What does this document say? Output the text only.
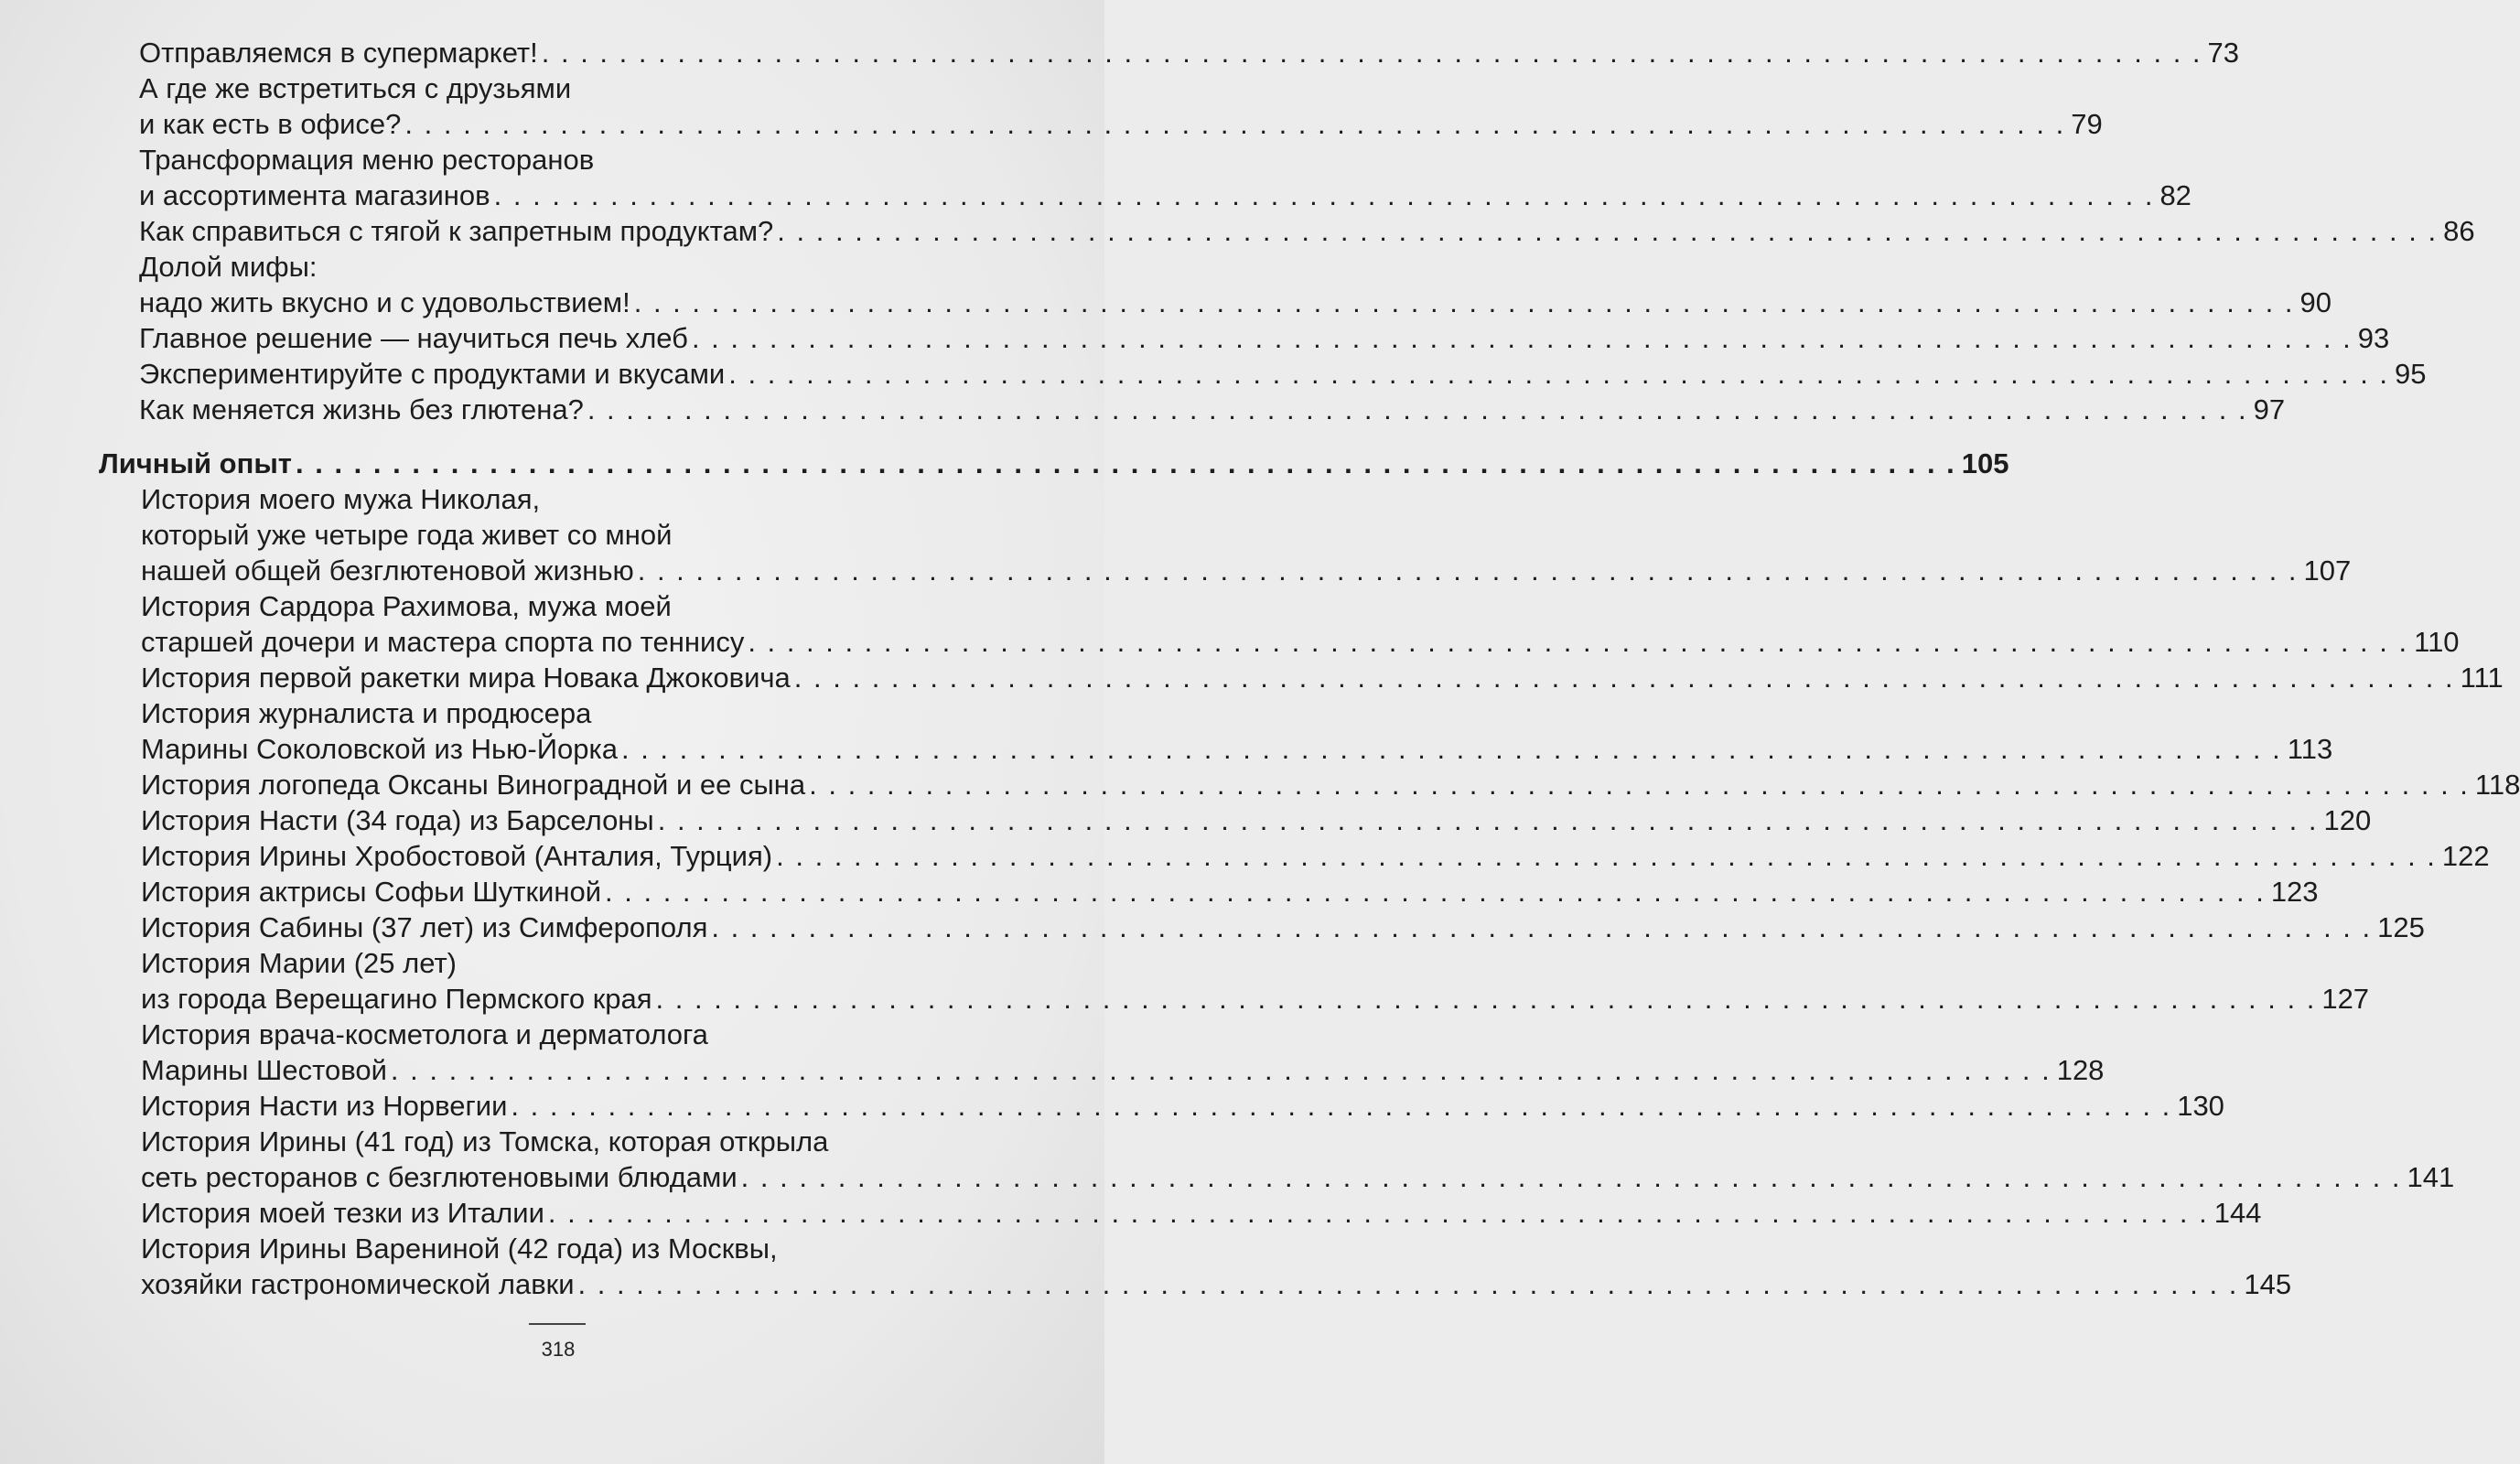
Отправляемся в супермаркет! . . . . . . . . . . . . . . . . . . . . . . . . . . . . . . . . . . . . . . . . . . . . . . . . . . . . . . . . . . . . . . . . . . . . . . . . . . . . . . . . . . . . . . 73
А где же встретиться с друзьями
и как есть в офисе? . . . . . . . . . . . . . . . . . . . . . . . . . . . . . . . . . . . . . . . . . . . . . . . . . . . . . . . . . . . . . . . . . . . . . . . . . . . . . . . . . . . . . . 79
Трансформация меню ресторанов
и ассортимента магазинов . . . . . . . . . . . . . . . . . . . . . . . . . . . . . . . . . . . . . . . . . . . . . . . . . . . . . . . . . . . . . . . . . . . . . . . . . . . . . . . . . . . . . . 82
Как справиться с тягой к запретным продуктам? . . . . . . . . . . . . . . . . . . . . . . . . . . . . . . . . . . . . . . . . . . . . . . . . . . . . . . . . . . . . . . . . . . . . . . . . . . . . . . . . . . . . . . 86
Долой мифы:
надо жить вкусно и с удовольствием! . . . . . . . . . . . . . . . . . . . . . . . . . . . . . . . . . . . . . . . . . . . . . . . . . . . . . . . . . . . . . . . . . . . . . . . . . . . . . . . . . . . . . . 90
Главное решение — научиться печь хлеб . . . . . . . . . . . . . . . . . . . . . . . . . . . . . . . . . . . . . . . . . . . . . . . . . . . . . . . . . . . . . . . . . . . . . . . . . . . . . . . . . . . . . . 93
Экспериментируйте с продуктами и вкусами . . . . . . . . . . . . . . . . . . . . . . . . . . . . . . . . . . . . . . . . . . . . . . . . . . . . . . . . . . . . . . . . . . . . . . . . . . . . . . . . . . . . . . 95
Как меняется жизнь без глютена? . . . . . . . . . . . . . . . . . . . . . . . . . . . . . . . . . . . . . . . . . . . . . . . . . . . . . . . . . . . . . . . . . . . . . . . . . . . . . . . . . . . . . . 97
Личный опыт . . . . . . . . . . . . . . . . . . . . . . . . . . . . . . . . . . . . . . . . . . . . . . . . . . . . . . . . . . . . . . . . . . . . . . . . . . . . . . . . . . . . . . 105
История моего мужа Николая,
который уже четыре года живет со мной
нашей общей безглютеновой жизнью . . . . . . . . . . . . . . . . . . . . . . . . . . . . . . . . . . . . . . . . . . . . . . . . . . . . . . . . . . . . . . . . . . . . . . . . . . . . . . . . . . . . . . 107
История Сардора Рахимова, мужа моей
старшей дочери и мастера спорта по теннису . . . . . . . . . . . . . . . . . . . . . . . . . . . . . . . . . . . . . . . . . . . . . . . . . . . . . . . . . . . . . . . . . . . . . . . . . . . . . . . . . . . . . . 110
История первой ракетки мира Новака Джоковича . . . . . . . . . . . . . . . . . . . . . . . . . . . . . . . . . . . . . . . . . . . . . . . . . . . . . . . . . . . . . . . . . . . . . . . . . . . . . . . . . . . . . . 111
История журналиста и продюсера
Марины Соколовской из Нью-Йорка . . . . . . . . . . . . . . . . . . . . . . . . . . . . . . . . . . . . . . . . . . . . . . . . . . . . . . . . . . . . . . . . . . . . . . . . . . . . . . . . . . . . . . 113
История логопеда Оксаны Виноградной и ее сына . . . . . . . . . . . . . . . . . . . . . . . . . . . . . . . . . . . . . . . . . . . . . . . . . . . . . . . . . . . . . . . . . . . . . . . . . . . . . . . . . . . . . . 118
История Насти (34 года) из Барселоны . . . . . . . . . . . . . . . . . . . . . . . . . . . . . . . . . . . . . . . . . . . . . . . . . . . . . . . . . . . . . . . . . . . . . . . . . . . . . . . . . . . . . . 120
История Ирины Хробостовой (Анталия, Турция) . . . . . . . . . . . . . . . . . . . . . . . . . . . . . . . . . . . . . . . . . . . . . . . . . . . . . . . . . . . . . . . . . . . . . . . . . . . . . . . . . . . . . . 122
История актрисы Софьи Шуткиной . . . . . . . . . . . . . . . . . . . . . . . . . . . . . . . . . . . . . . . . . . . . . . . . . . . . . . . . . . . . . . . . . . . . . . . . . . . . . . . . . . . . . . 123
История Сабины (37 лет) из Симферополя . . . . . . . . . . . . . . . . . . . . . . . . . . . . . . . . . . . . . . . . . . . . . . . . . . . . . . . . . . . . . . . . . . . . . . . . . . . . . . . . . . . . . . 125
История Марии (25 лет)
из города Верещагино Пермского края . . . . . . . . . . . . . . . . . . . . . . . . . . . . . . . . . . . . . . . . . . . . . . . . . . . . . . . . . . . . . . . . . . . . . . . . . . . . . . . . . . . . . . 127
История врача-косметолога и дерматолога
Марины Шестовой . . . . . . . . . . . . . . . . . . . . . . . . . . . . . . . . . . . . . . . . . . . . . . . . . . . . . . . . . . . . . . . . . . . . . . . . . . . . . . . . . . . . . . 128
История Насти из Норвегии . . . . . . . . . . . . . . . . . . . . . . . . . . . . . . . . . . . . . . . . . . . . . . . . . . . . . . . . . . . . . . . . . . . . . . . . . . . . . . . . . . . . . . 130
История Ирины (41 год) из Томска, которая открыла
сеть ресторанов с безглютеновыми блюдами . . . . . . . . . . . . . . . . . . . . . . . . . . . . . . . . . . . . . . . . . . . . . . . . . . . . . . . . . . . . . . . . . . . . . . . . . . . . . . . . . . . . . . 141
История моей тезки из Италии . . . . . . . . . . . . . . . . . . . . . . . . . . . . . . . . . . . . . . . . . . . . . . . . . . . . . . . . . . . . . . . . . . . . . . . . . . . . . . . . . . . . . . 144
История Ирины Варениной (42 года) из Москвы,
хозяйки гастрономической лавки . . . . . . . . . . . . . . . . . . . . . . . . . . . . . . . . . . . . . . . . . . . . . . . . . . . . . . . . . . . . . . . . . . . . . . . . . . . . . . . . . . . . . . 145
318
